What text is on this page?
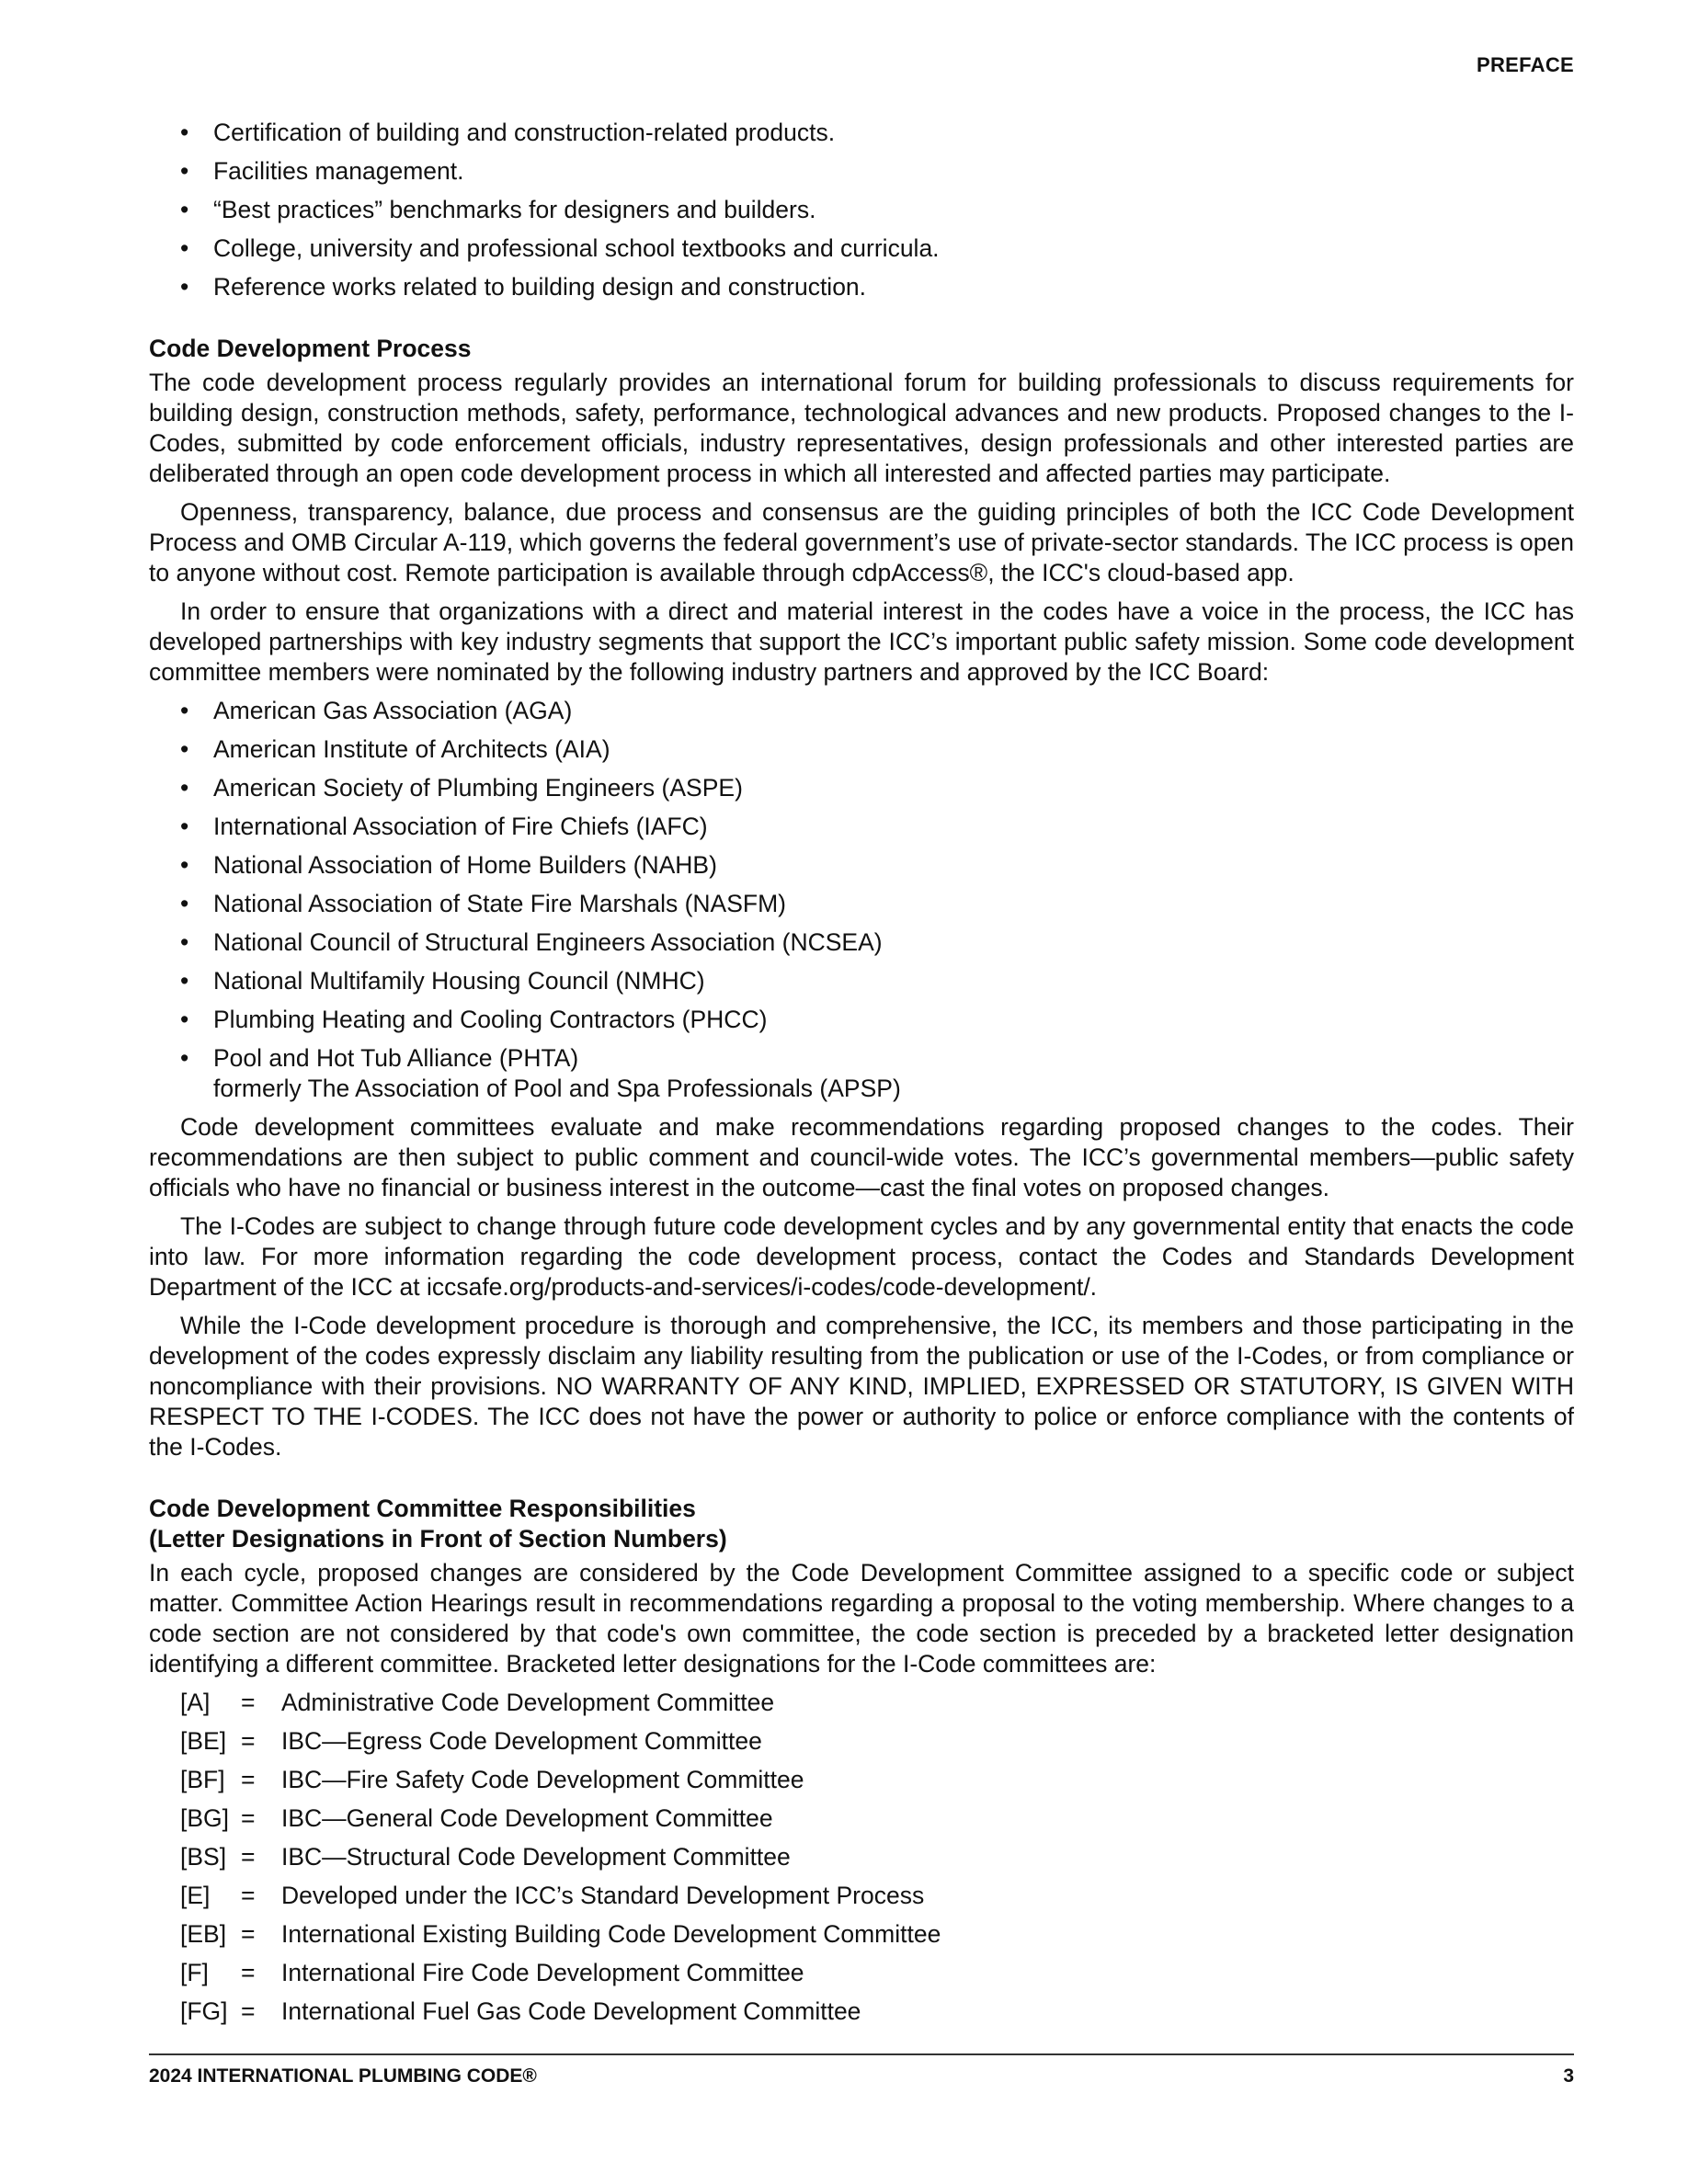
PREFACE
• Certification of building and construction-related products.
• Facilities management.
• “Best practices” benchmarks for designers and builders.
• College, university and professional school textbooks and curricula.
• Reference works related to building design and construction.
Code Development Process

The code development process regularly provides an international forum for building professionals to discuss requirements for building design, construction methods, safety, performance, technological advances and new products. Proposed changes to the I-Codes, submitted by code enforcement officials, industry representatives, design professionals and other interested parties are deliberated through an open code development process in which all interested and affected parties may participate.

Openness, transparency, balance, due process and consensus are the guiding principles of both the ICC Code Development Process and OMB Circular A-119, which governs the federal government’s use of private-sector standards. The ICC process is open to anyone without cost. Remote participation is available through cdpAccess®, the ICC's cloud-based app.

In order to ensure that organizations with a direct and material interest in the codes have a voice in the process, the ICC has developed partnerships with key industry segments that support the ICC’s important public safety mission. Some code development committee members were nominated by the following industry partners and approved by the ICC Board:

• American Gas Association (AGA)
• American Institute of Architects (AIA)
• American Society of Plumbing Engineers (ASPE)
• International Association of Fire Chiefs (IAFC)
• National Association of Home Builders (NAHB)
• National Association of State Fire Marshals (NASFM)
• National Council of Structural Engineers Association (NCSEA)
• National Multifamily Housing Council (NMHC)
• Plumbing Heating and Cooling Contractors (PHCC)
• Pool and Hot Tub Alliance (PHTA)
formerly The Association of Pool and Spa Professionals (APSP)

Code development committees evaluate and make recommendations regarding proposed changes to the codes. Their recommendations are then subject to public comment and council-wide votes. The ICC’s governmental members—public safety officials who have no financial or business interest in the outcome—cast the final votes on proposed changes.

The I-Codes are subject to change through future code development cycles and by any governmental entity that enacts the code into law. For more information regarding the code development process, contact the Codes and Standards Development Department of the ICC at iccsafe.org/products-and-services/i-codes/code-development/.

While the I-Code development procedure is thorough and comprehensive, the ICC, its members and those participating in the development of the codes expressly disclaim any liability resulting from the publication or use of the I-Codes, or from compliance or noncompliance with their provisions. NO WARRANTY OF ANY KIND, IMPLIED, EXPRESSED OR STATUTORY, IS GIVEN WITH RESPECT TO THE I-CODES. The ICC does not have the power or authority to police or enforce compliance with the contents of the I-Codes.

Code Development Committee Responsibilities
(Letter Designations in Front of Section Numbers)

In each cycle, proposed changes are considered by the Code Development Committee assigned to a specific code or subject matter. Committee Action Hearings result in recommendations regarding a proposal to the voting membership. Where changes to a code section are not considered by that code's own committee, the code section is preceded by a bracketed letter designation identifying a different committee. Bracketed letter designations for the I-Code committees are:

[A]	=	Administrative Code Development Committee
[BE]	=	IBC—Egress Code Development Committee
[BF]	=	IBC—Fire Safety Code Development Committee
[BG]	=	IBC—General Code Development Committee
[BS]	=	IBC—Structural Code Development Committee
[E]	=	Developed under the ICC’s Standard Development Process
[EB]	=	International Existing Building Code Development Committee
[F]	=	International Fire Code Development Committee
[FG]	=	International Fuel Gas Code Development Committee
2024 INTERNATIONAL PLUMBING CODE®	3
